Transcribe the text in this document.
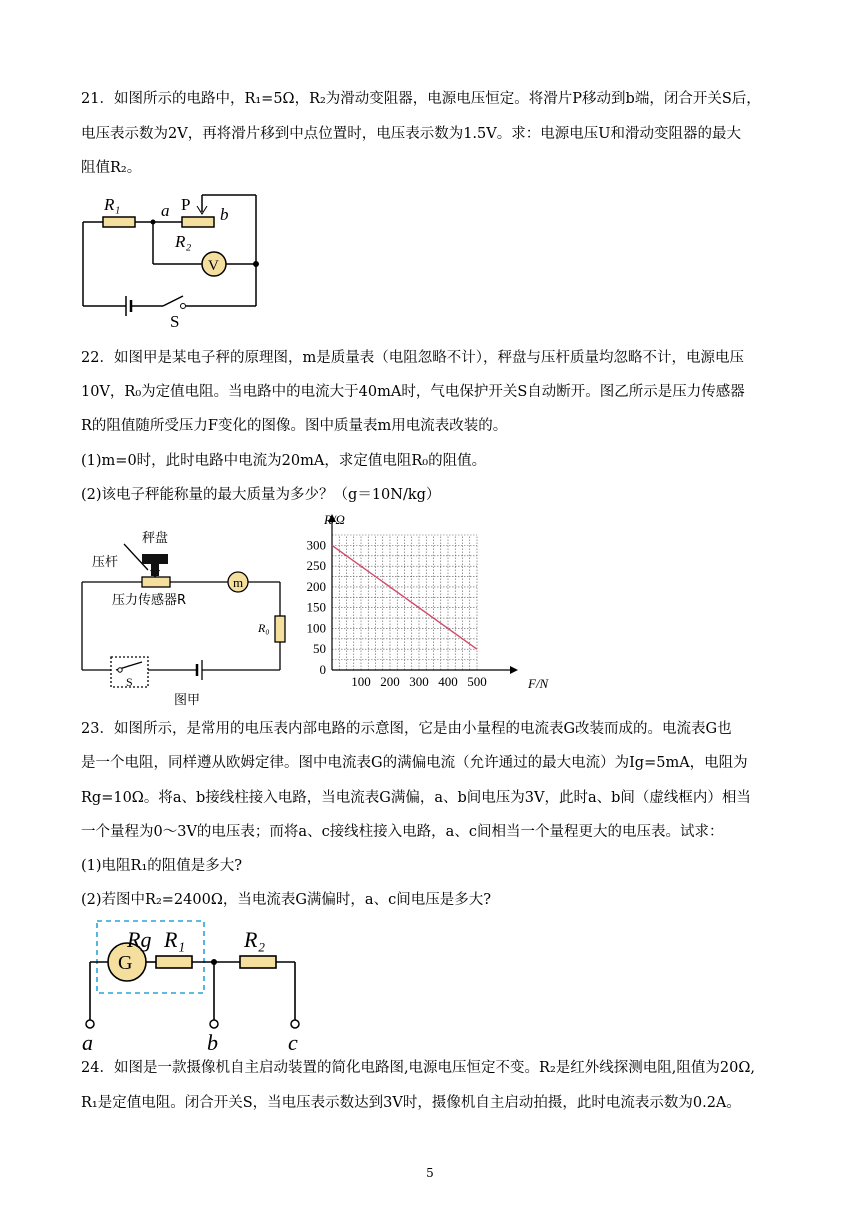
21．如图所示的电路中，R₁=5Ω，R₂为滑动变阻器，电源电压恒定。将滑片P移动到b端，闭合开关S后，
电压表示数为2V，再将滑片移到中点位置时，电压表示数为1.5V。求：电源电压U和滑动变阻器的最大
阻值R₂。
R₁ a P
b
R₂
V
S
22．如图甲是某电子秤的原理图，m是质量表（电阻忽略不计），秤盘与压杆质量均忽略不计，电源电压
10V，R₀为定值电阻。当电路中的电流大于40mA时，气电保护开关S自动断开。图乙所示是压力传感器
R的阻值随所受压力F变化的图像。图中质量表m用电流表改装的。
(1)m=0时，此时电路中电流为20mA，求定值电阻R₀的阻值。
(2)该电子秤能称量的最大质量为多少？（g＝10N/kg）
秤盘
压杆
压力传感器R
m
R₀
S
图甲
100 200 300 400 500
0
50
100
150
200
250
300
F/N
R/Ω
23．如图所示，是常用的电压表内部电路的示意图，它是由小量程的电流表G改装而成的。电流表G也
是一个电阻，同样遵从欧姆定律。图中电流表G的满偏电流（允许通过的最大电流）为Ig=5mA，电阻为
Rg=10Ω。将a、b接线柱接入电路，当电流表G满偏，a、b间电压为3V，此时a、b间（虚线框内）相当
一个量程为0～3V的电压表；而将a、c接线柱接入电路，a、c间相当一个量程更大的电压表。试求：
(1)电阻R₁的阻值是多大?
(2)若图中R₂=2400Ω，当电流表G满偏时，a、c间电压是多大?
Rg
G
R₁	R₂
a	b	c
24．如图是一款摄像机自主启动装置的简化电路图,电源电压恒定不变。R₂是红外线探测电阻,阻值为20Ω,
R₁是定值电阻。闭合开关S，当电压表示数达到3V时，摄像机自主启动拍摄，此时电流表示数为0.2A。
5
